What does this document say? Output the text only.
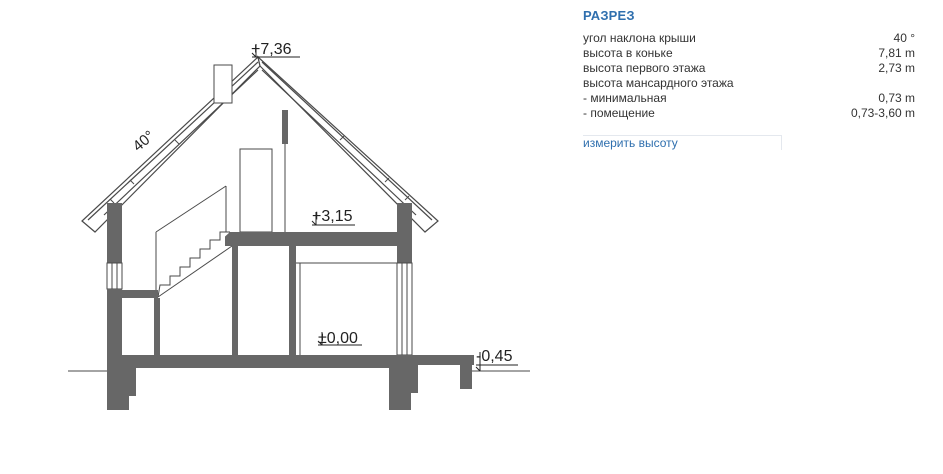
+7,36
+3,15
±0,00
-0,45
40°
РАЗРЕЗ
угол наклона крыши	40 °
высота в коньке	7,81 m
высота первого этажа	2,73 m
высота мансардного этажа
- минимальная	0,73 m
- помещение	0,73-3,60 m
измерить высоту
